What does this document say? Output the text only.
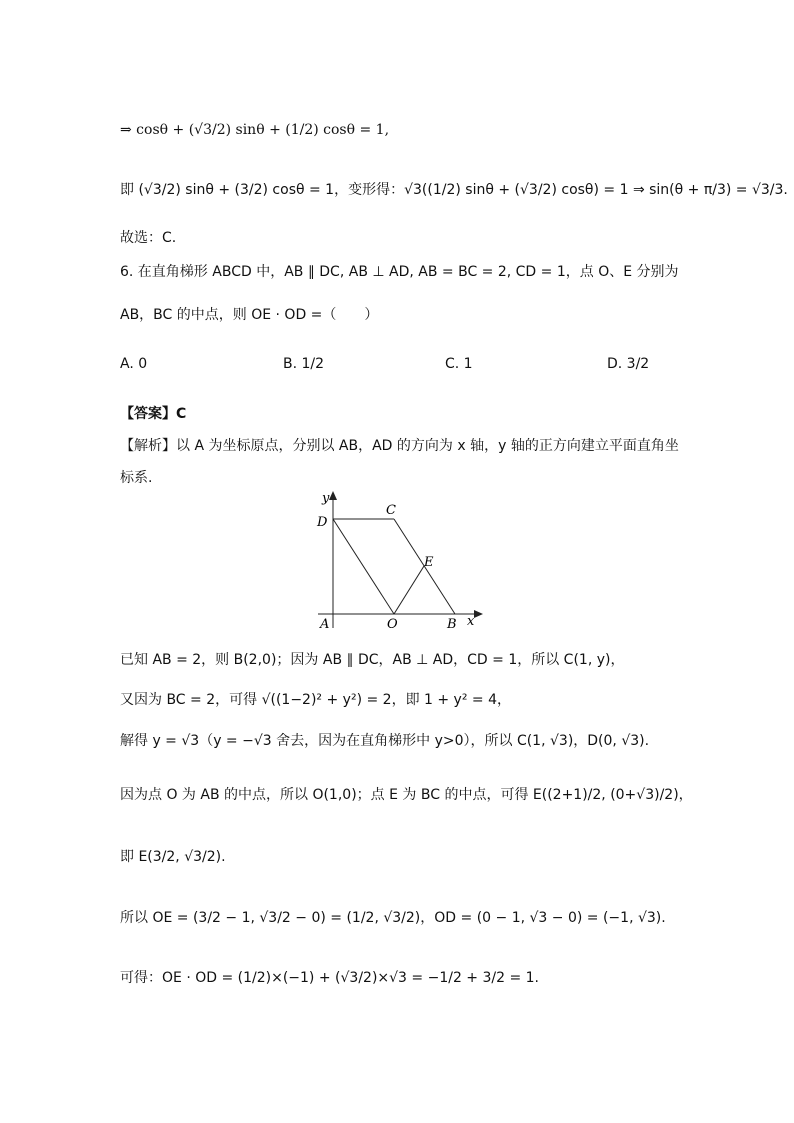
⇒ cosθ + (√3/2) sinθ + (1/2) cosθ = 1,
即 (√3/2) sinθ + (3/2) cosθ = 1，变形得：√3((1/2) sinθ + (√3/2) cosθ) = 1 ⇒ sin(θ + π/3) = √3/3.
故选：C.
6. 在直角梯形 ABCD 中，AB ∥ DC, AB ⊥ AD, AB = BC = 2, CD = 1，点 O、E 分别为
AB，BC 的中点，则 OE · OD =（　　）
A. 0	B. 1/2	C. 1	D. 3/2
【答案】C
【解析】以 A 为坐标原点，分别以 AB，AD 的方向为 x 轴，y 轴的正方向建立平面直角坐
标系.
y
x
D
C
E
A	O	B
已知 AB = 2，则 B(2,0)；因为 AB ∥ DC，AB ⊥ AD，CD = 1，所以 C(1, y)，
又因为 BC = 2，可得 √((1−2)² + y²) = 2，即 1 + y² = 4，
解得 y = √3（y = −√3 舍去，因为在直角梯形中 y>0），所以 C(1, √3)，D(0, √3).
因为点 O 为 AB 的中点，所以 O(1,0)；点 E 为 BC 的中点，可得 E((2+1)/2, (0+√3)/2)，
即 E(3/2, √3/2).
所以 OE = (3/2 − 1, √3/2 − 0) = (1/2, √3/2)，OD = (0 − 1, √3 − 0) = (−1, √3).
可得：OE · OD = (1/2)×(−1) + (√3/2)×√3 = −1/2 + 3/2 = 1.
